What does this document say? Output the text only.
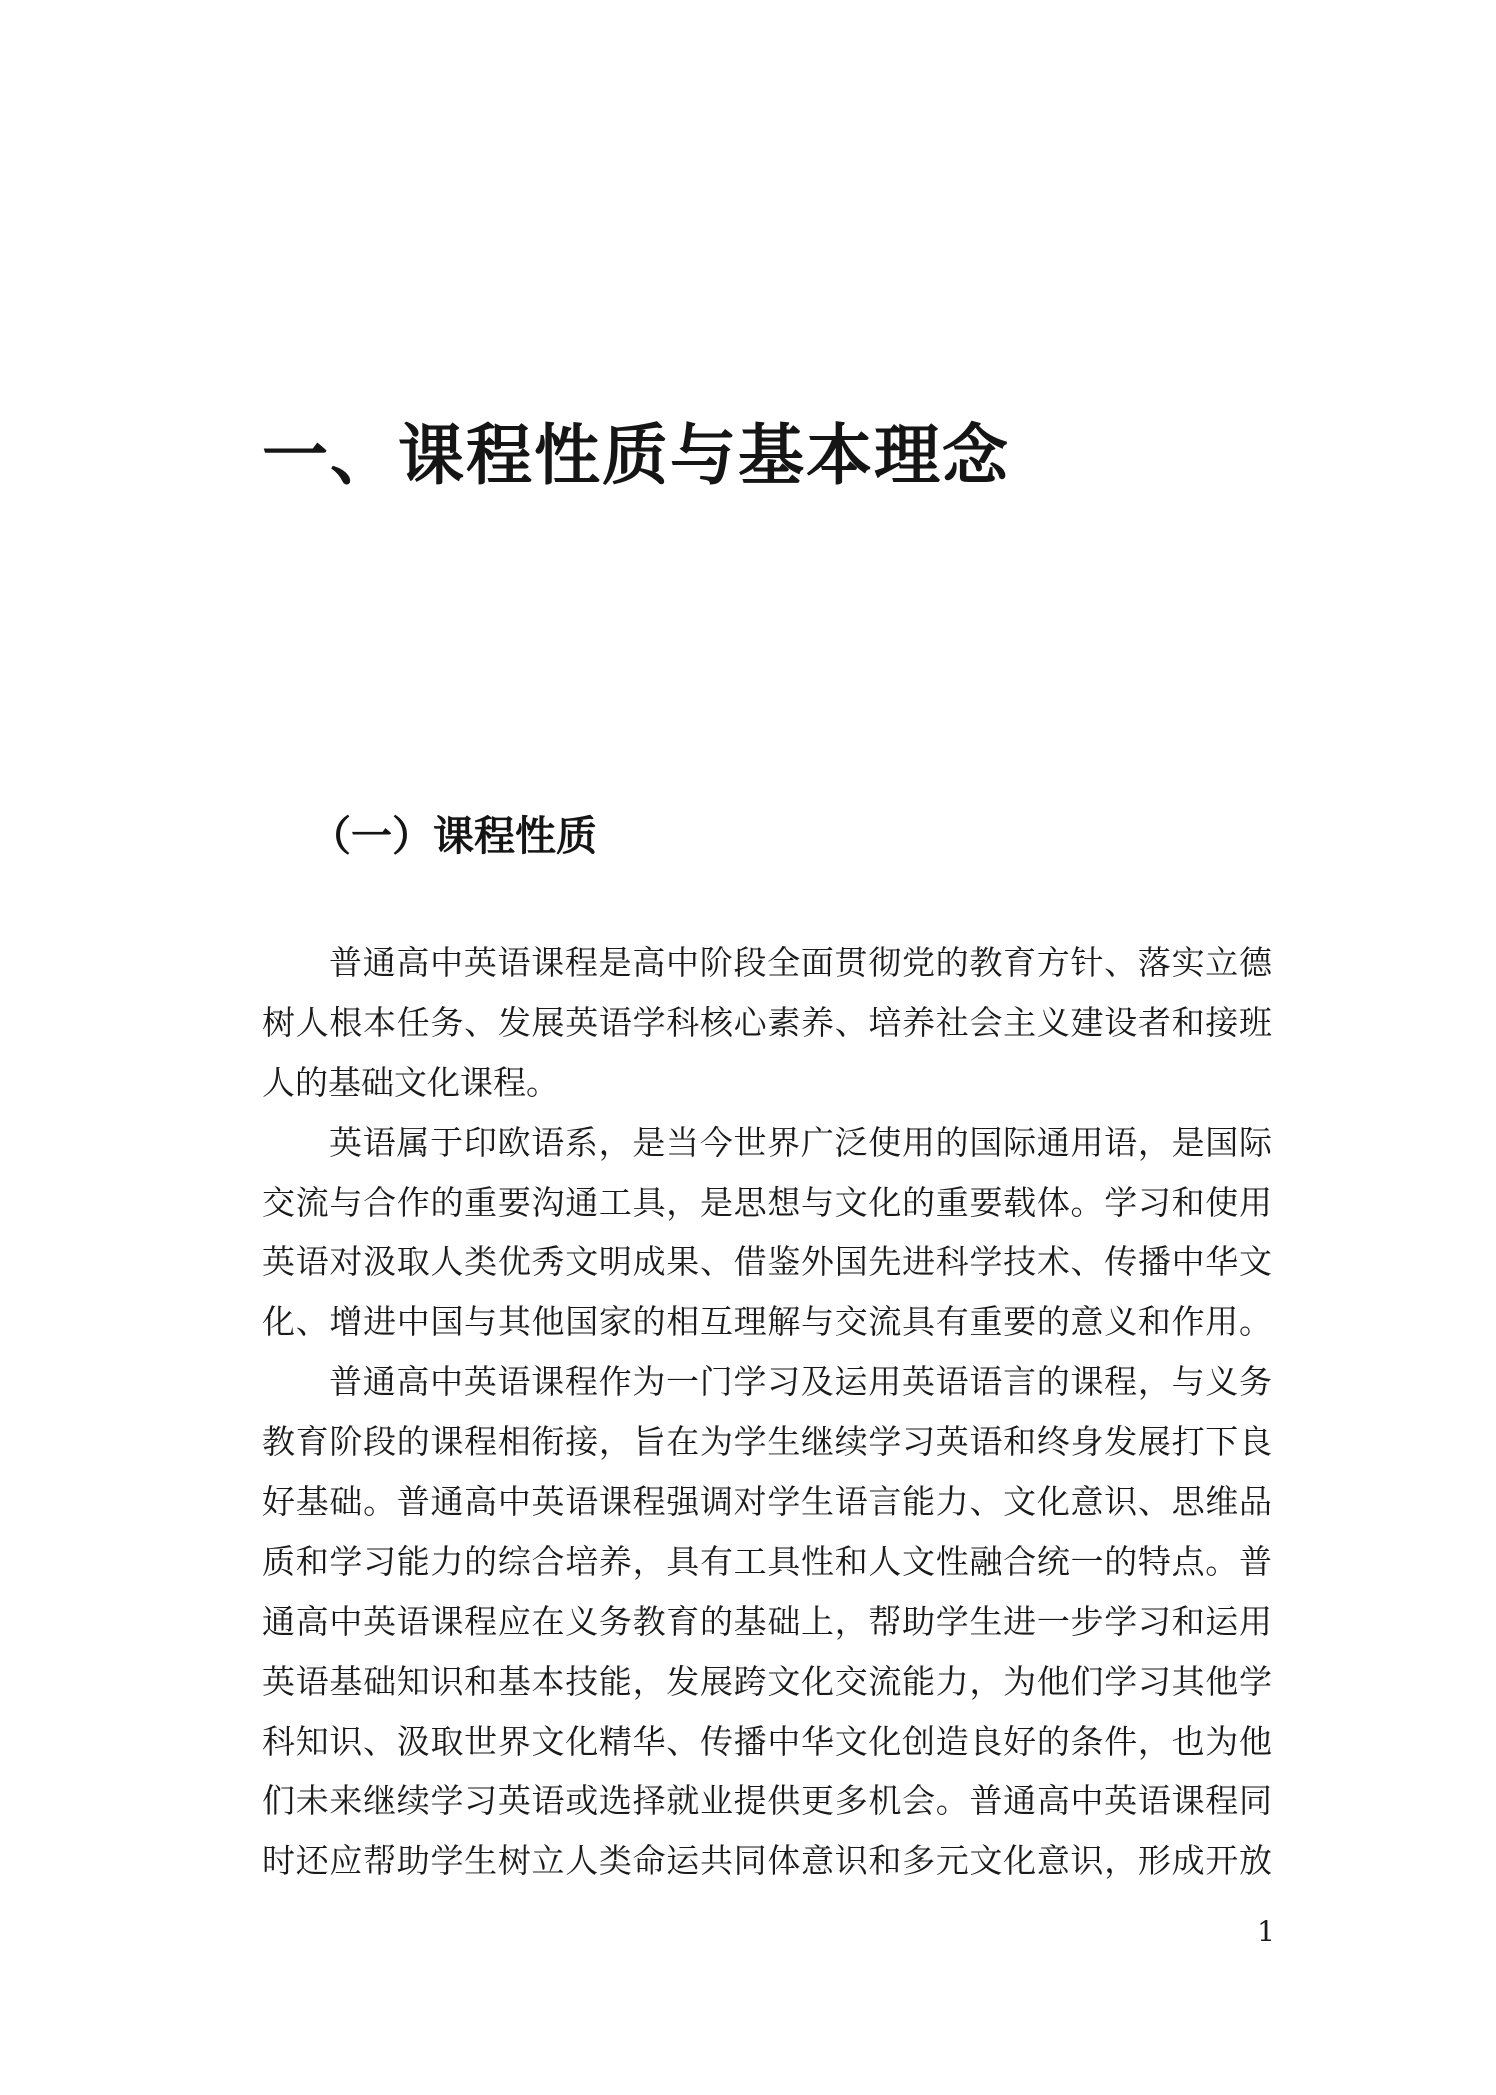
一、课程性质与基本理念
（一）课程性质

普通高中英语课程是高中阶段全面贯彻党的教育方针、落实立德
树人根本任务、发展英语学科核心素养、培养社会主义建设者和接班
人的基础文化课程。

英语属于印欧语系，是当今世界广泛使用的国际通用语，是国际
交流与合作的重要沟通工具，是思想与文化的重要载体。学习和使用
英语对汲取人类优秀文明成果、借鉴外国先进科学技术、传播中华文
化、增进中国与其他国家的相互理解与交流具有重要的意义和作用。

普通高中英语课程作为一门学习及运用英语语言的课程，与义务
教育阶段的课程相衔接，旨在为学生继续学习英语和终身发展打下良
好基础。普通高中英语课程强调对学生语言能力、文化意识、思维品
质和学习能力的综合培养，具有工具性和人文性融合统一的特点。普
通高中英语课程应在义务教育的基础上，帮助学生进一步学习和运用
英语基础知识和基本技能，发展跨文化交流能力，为他们学习其他学
科知识、汲取世界文化精华、传播中华文化创造良好的条件，也为他
们未来继续学习英语或选择就业提供更多机会。普通高中英语课程同
时还应帮助学生树立人类命运共同体意识和多元文化意识，形成开放

1
